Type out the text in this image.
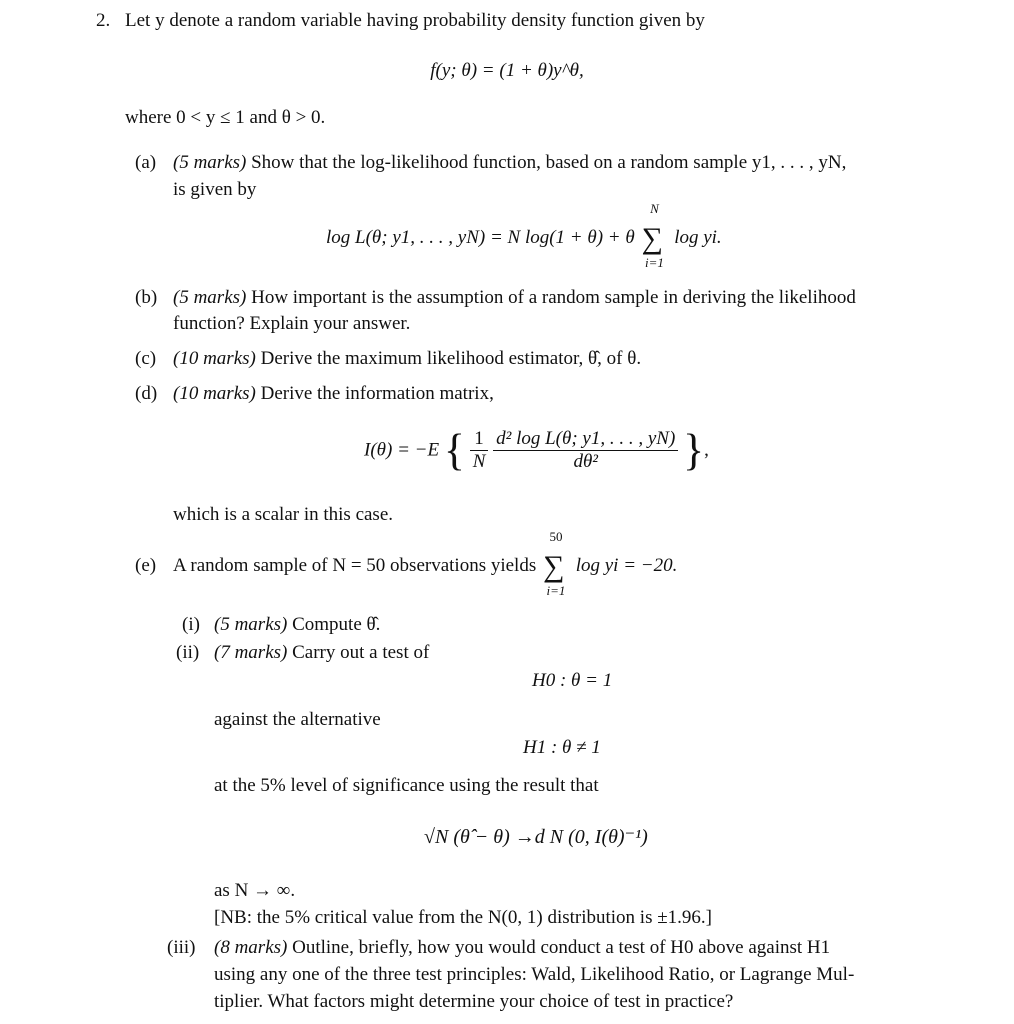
2. Let y denote a random variable having probability density function given by
f(y; θ) = (1 + θ)y^θ,
where 0 < y ≤ 1 and θ > 0.
(a) (5 marks) Show that the log-likelihood function, based on a random sample y1, . . . , yN,
is given by
log L(θ; y1, . . . , yN) = N log(1 + θ) + θ
N
∑
i=1
log yi.
(b) (5 marks) How important is the assumption of a random sample in deriving the likelihood
function? Explain your answer.
(c) (10 marks) Derive the maximum likelihood estimator, θ̂, of θ.
(d) (10 marks) Derive the information matrix,
I(θ) = −E { $\frac{1}{N}$
$\frac{\text{d² log L(θ; y1, . . . , yN)}}{\text{dθ²}}$ },
which is a scalar in this case.
(e) A random sample of N = 50 observations yields
50
∑
i=1
log yi = −20.
(i) (5 marks) Compute θ̂.
(ii) (7 marks) Carry out a test of
H0 : θ = 1
against the alternative
H1 : θ ≠ 1
at the 5% level of significance using the result that
√N (θ̂ − θ) →d N (0, I(θ)⁻¹)
as N → ∞.
[NB: the 5% critical value from the N(0, 1) distribution is ±1.96.]
(iii) (8 marks) Outline, briefly, how you would conduct a test of H0 above against H1
using any one of the three test principles: Wald, Likelihood Ratio, or Lagrange Mul-
tiplier. What factors might determine your choice of test in practice?
